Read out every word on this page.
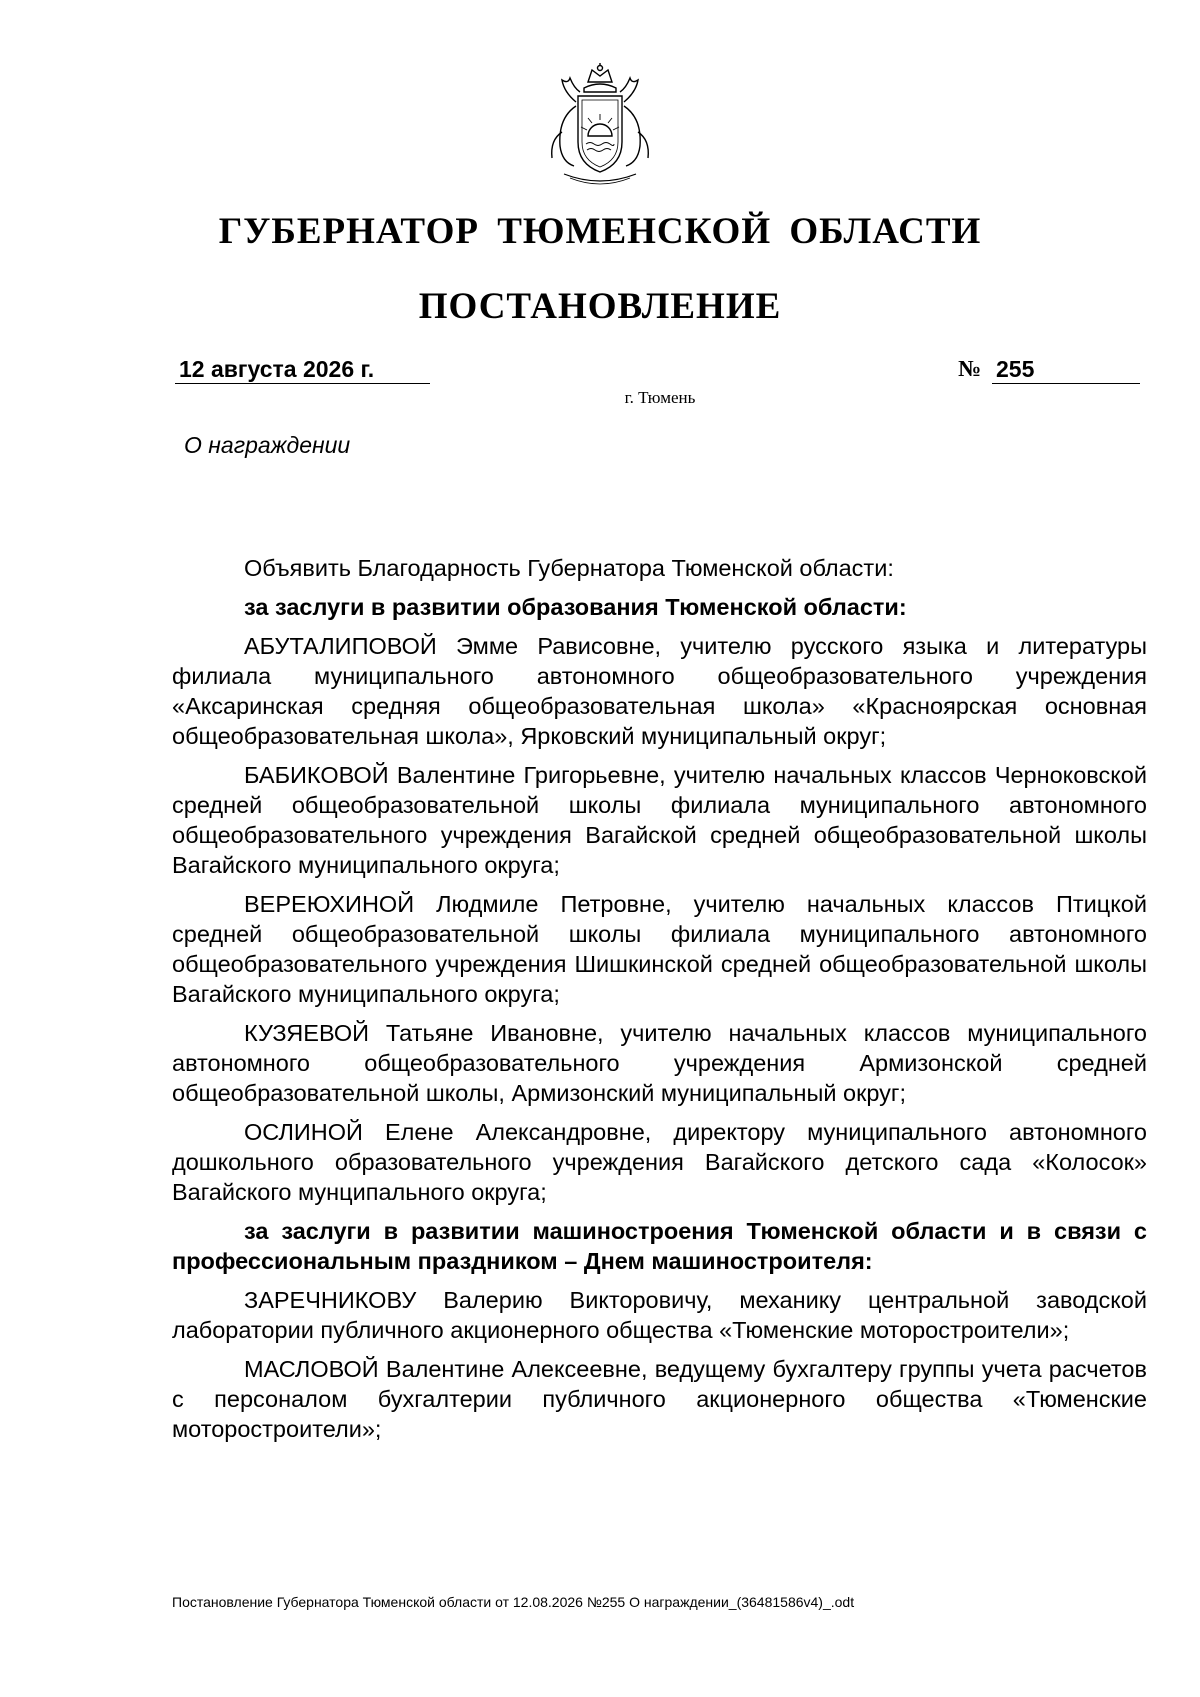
ГУБЕРНАТОР ТЮМЕНСКОЙ ОБЛАСТИ
ПОСТАНОВЛЕНИЕ
12 августа 2026 г.	№ 255
г. Тюмень
О награждении

Объявить Благодарность Губернатора Тюменской области:

за заслуги в развитии образования Тюменской области:

АБУТАЛИПОВОЙ Эмме Рависовне, учителю русского языка и литературы филиала муниципального автономного общеобразовательного учреждения «Аксаринская средняя общеобразовательная школа» «Красноярская основная общеобразовательная школа», Ярковский муниципальный округ;

БАБИКОВОЙ Валентине Григорьевне, учителю начальных классов Черноковской средней общеобразовательной школы филиала муниципального автономного общеобразовательного учреждения Вагайской средней общеобразовательной школы Вагайского муниципального округа;

ВЕРЕЮХИНОЙ Людмиле Петровне, учителю начальных классов Птицкой средней общеобразовательной школы филиала муниципального автономного общеобразовательного учреждения Шишкинской средней общеобразовательной школы Вагайского муниципального округа;

КУЗЯЕВОЙ Татьяне Ивановне, учителю начальных классов муниципального автономного общеобразовательного учреждения Армизонской средней общеобразовательной школы, Армизонский муниципальный округ;

ОСЛИНОЙ Елене Александровне, директору муниципального автономного дошкольного образовательного учреждения Вагайского детского сада «Колосок» Вагайского мунципального округа;

за заслуги в развитии машиностроения Тюменской области и в связи с профессиональным праздником – Днем машиностроителя:

ЗАРЕЧНИКОВУ Валерию Викторовичу, механику центральной заводской лаборатории публичного акционерного общества «Тюменские моторостроители»;

МАСЛОВОЙ Валентине Алексеевне, ведущему бухгалтеру группы учета расчетов с персоналом бухгалтерии публичного акционерного общества «Тюменские моторостроители»;

Постановление Губернатора Тюменской области от 12.08.2026 №255 О награждении_(36481586v4)_.odt
